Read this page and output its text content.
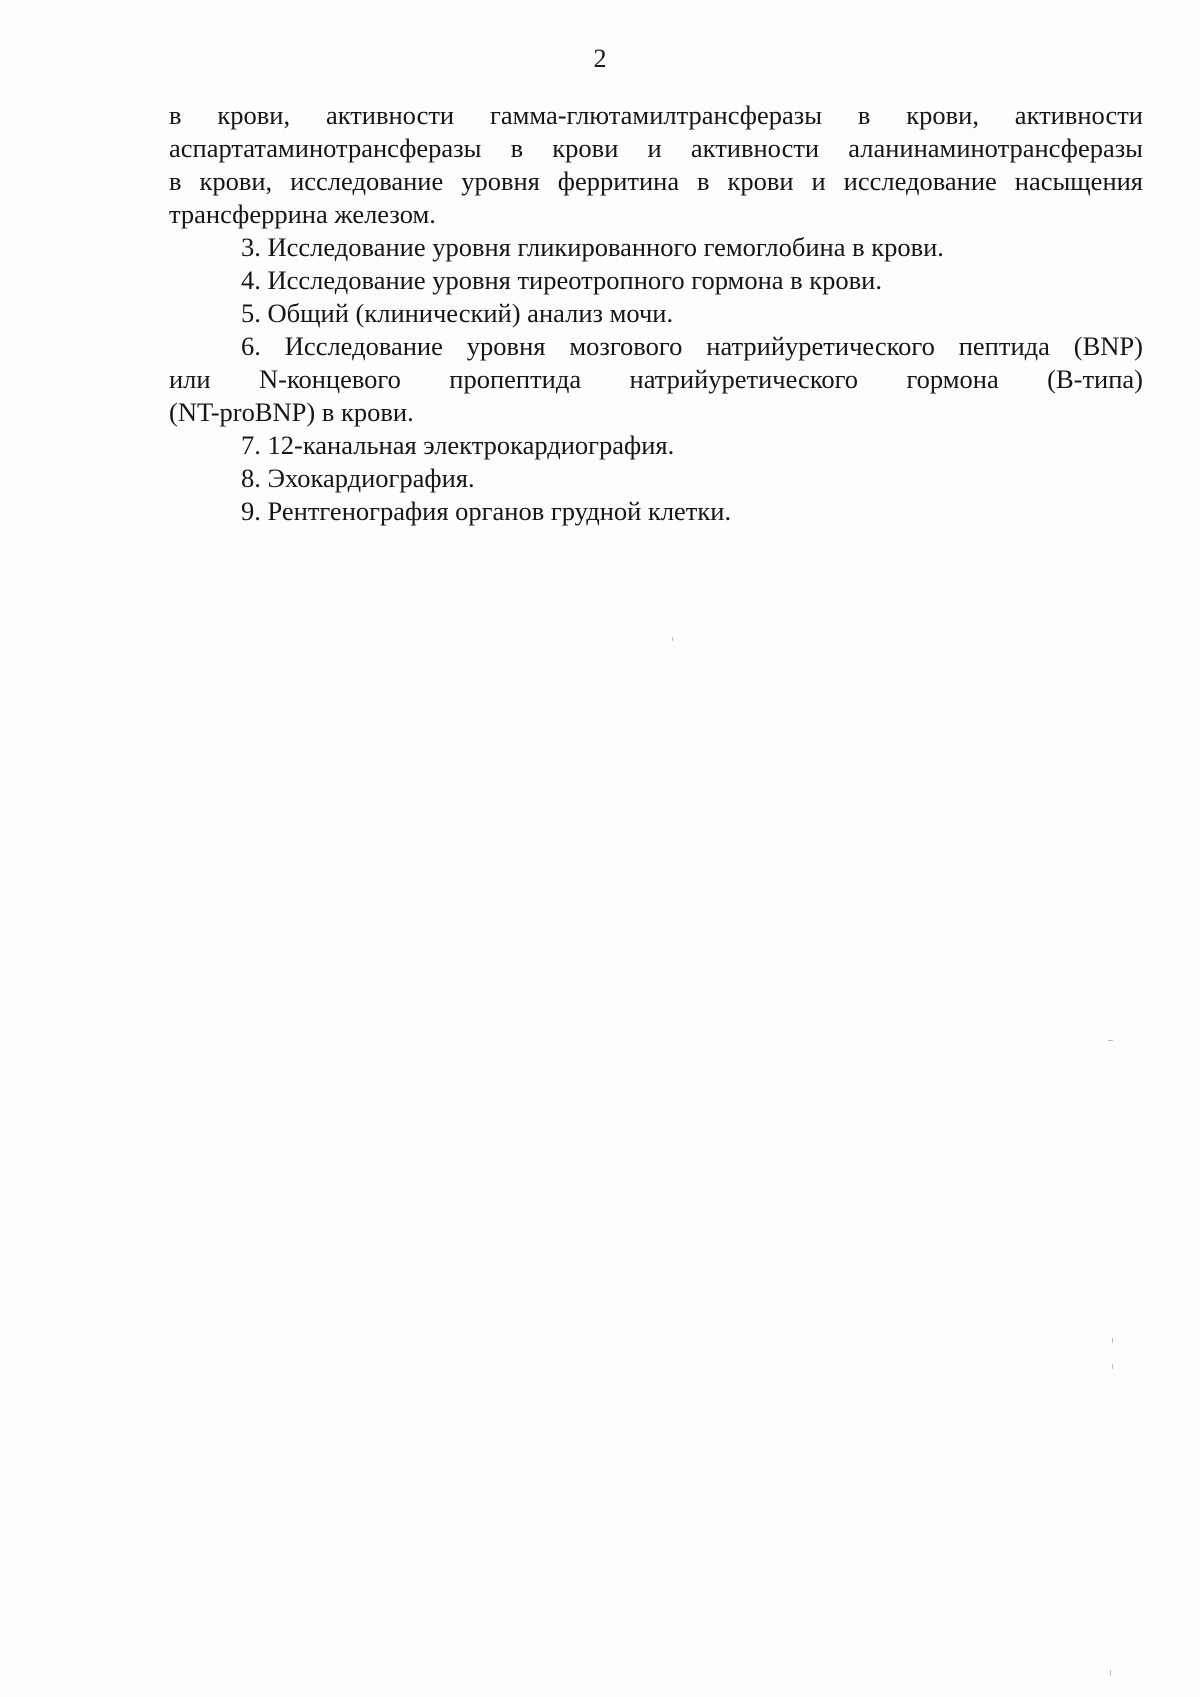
2
в крови, активности гамма-глютамилтрансферазы в крови, активности
аспартатаминотрансферазы в крови и активности аланинаминотрансферазы
в крови, исследование уровня ферритина в крови и исследование насыщения
трансферрина железом.
3. Исследование уровня гликированного гемоглобина в крови.
4. Исследование уровня тиреотропного гормона в крови.
5. Общий (клинический) анализ мочи.
6. Исследование уровня мозгового натрийуретического пептида (BNP)
или N-концевого пропептида натрийуретического гормона (B-типа)
(NT-proBNP) в крови.
7. 12-канальная электрокардиография.
8. Эхокардиография.
9. Рентгенография органов грудной клетки.
